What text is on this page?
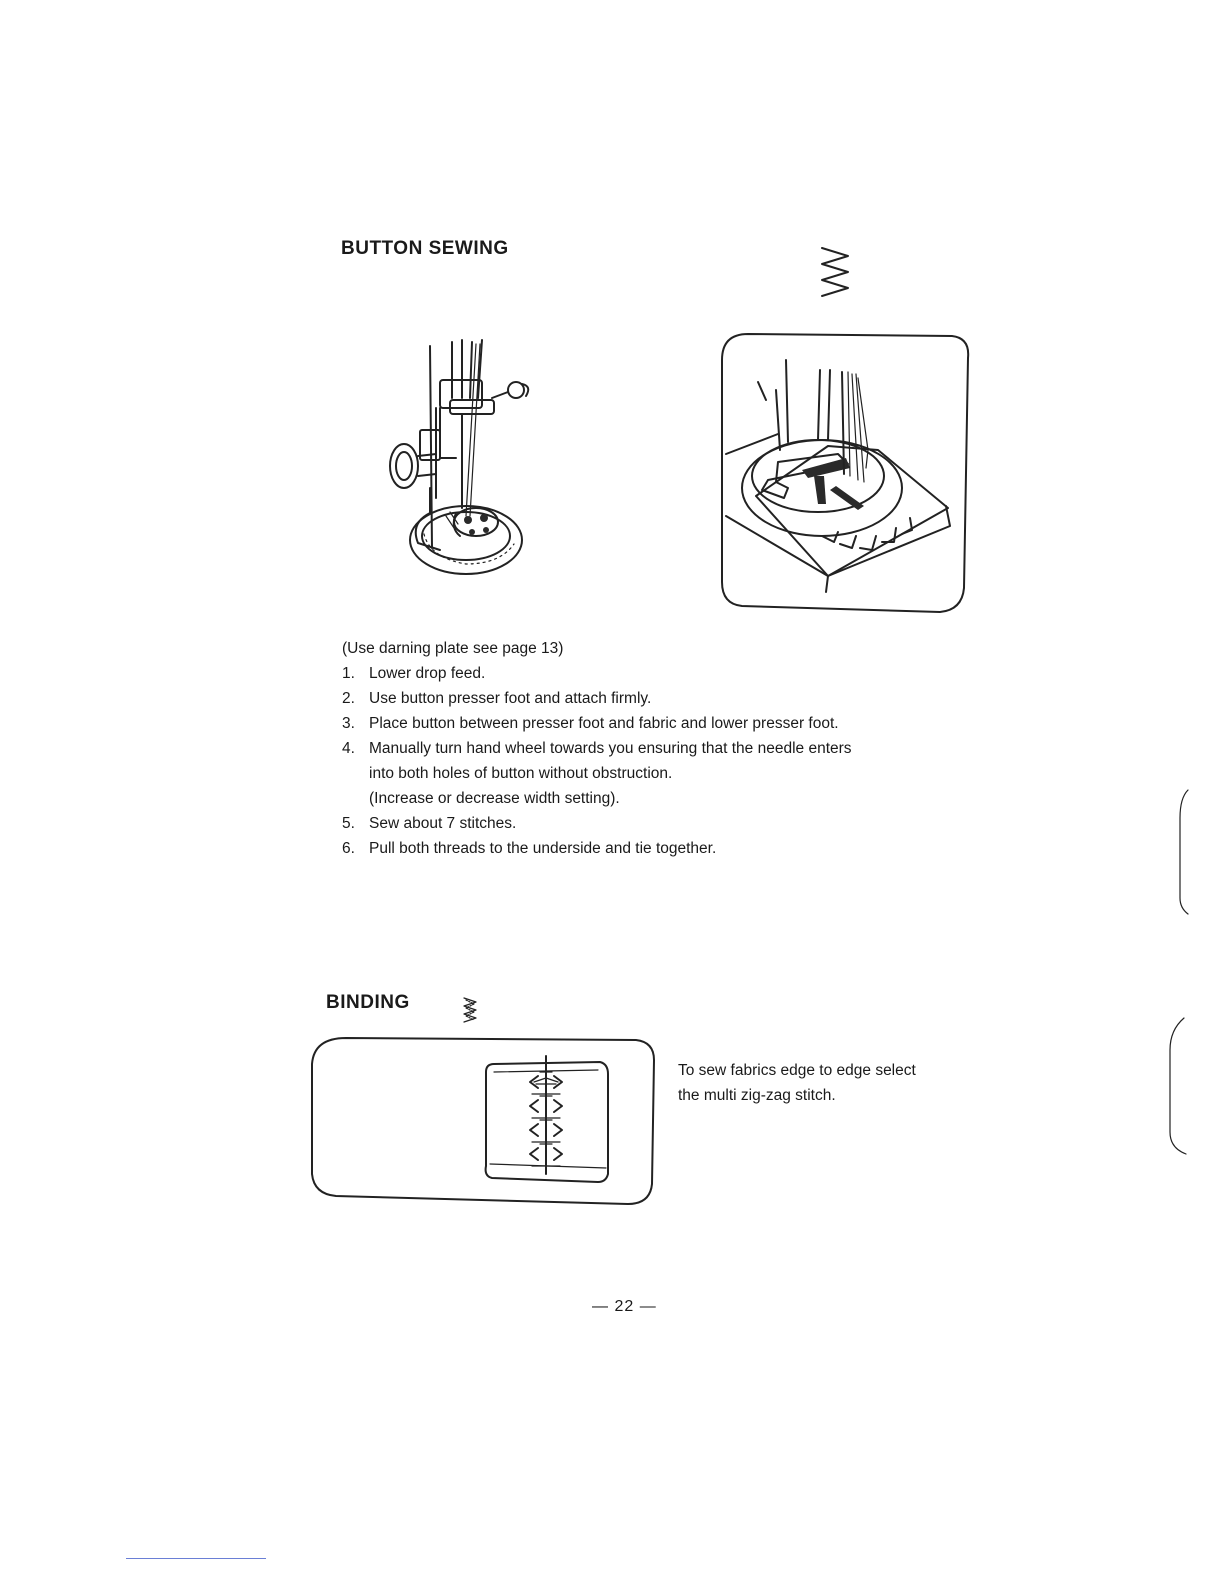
BUTTON SEWING
(Use darning plate see page 13)
1. Lower drop feed.
2. Use button presser foot and attach firmly.
3. Place button between presser foot and fabric and lower presser foot.
4. Manually turn hand wheel towards you ensuring that the needle enters
into both holes of button without obstruction.
(Increase or decrease width setting).
5. Sew about 7 stitches.
6. Pull both threads to the underside and tie together.
BINDING
To sew fabrics edge to edge select
the multi zig-zag stitch.
— 22 —
